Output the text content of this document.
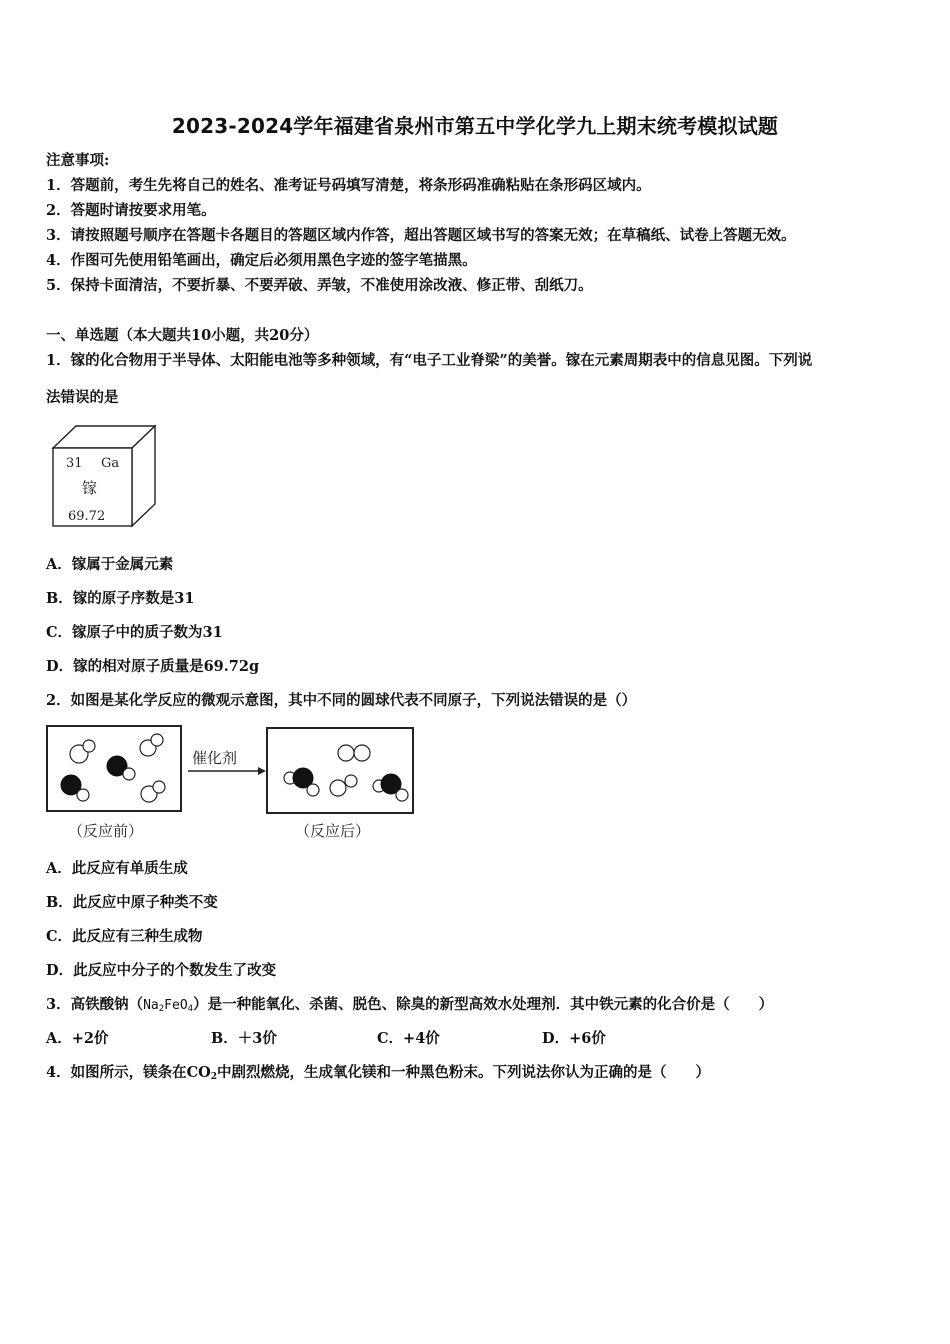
2023-2024学年福建省泉州市第五中学化学九上期末统考模拟试题
注意事项:
1．答题前，考生先将自己的姓名、准考证号码填写清楚，将条形码准确粘贴在条形码区域内。
2．答题时请按要求用笔。
3．请按照题号顺序在答题卡各题目的答题区域内作答，超出答题区域书写的答案无效；在草稿纸、试卷上答题无效。
4．作图可先使用铅笔画出，确定后必须用黑色字迹的签字笔描黑。
5．保持卡面清洁，不要折暴、不要弄破、弄皱，不准使用涂改液、修正带、刮纸刀。
一、单选题（本大题共10小题，共20分）
1．镓的化合物用于半导体、太阳能电池等多种领域，有“电子工业脊梁”的美誉。镓在元素周期表中的信息见图。下列说
法错误的是
31 Ga
镓
69.72
A．镓属于金属元素
B．镓的原子序数是31
C．镓原子中的质子数为31
D．镓的相对原子质量是69.72g
2．如图是某化学反应的微观示意图，其中不同的圆球代表不同原子，下列说法错误的是（）
催化剂
（反应前）	（反应后）
A．此反应有单质生成
B．此反应中原子种类不变
C．此反应有三种生成物
D．此反应中分子的个数发生了改变
3．高铁酸钠$(Na_2FeO_4)$是一种能氧化、杀菌、脱色、除臭的新型高效水处理剂．其中铁元素的化合价是（　　）
A．+2价	B．＋3价	C．+4价	D．+6价
4．如图所示，镁条在$CO_2$中剧烈燃烧，生成氧化镁和一种黑色粉末。下列说法你认为正确的是（　　）
